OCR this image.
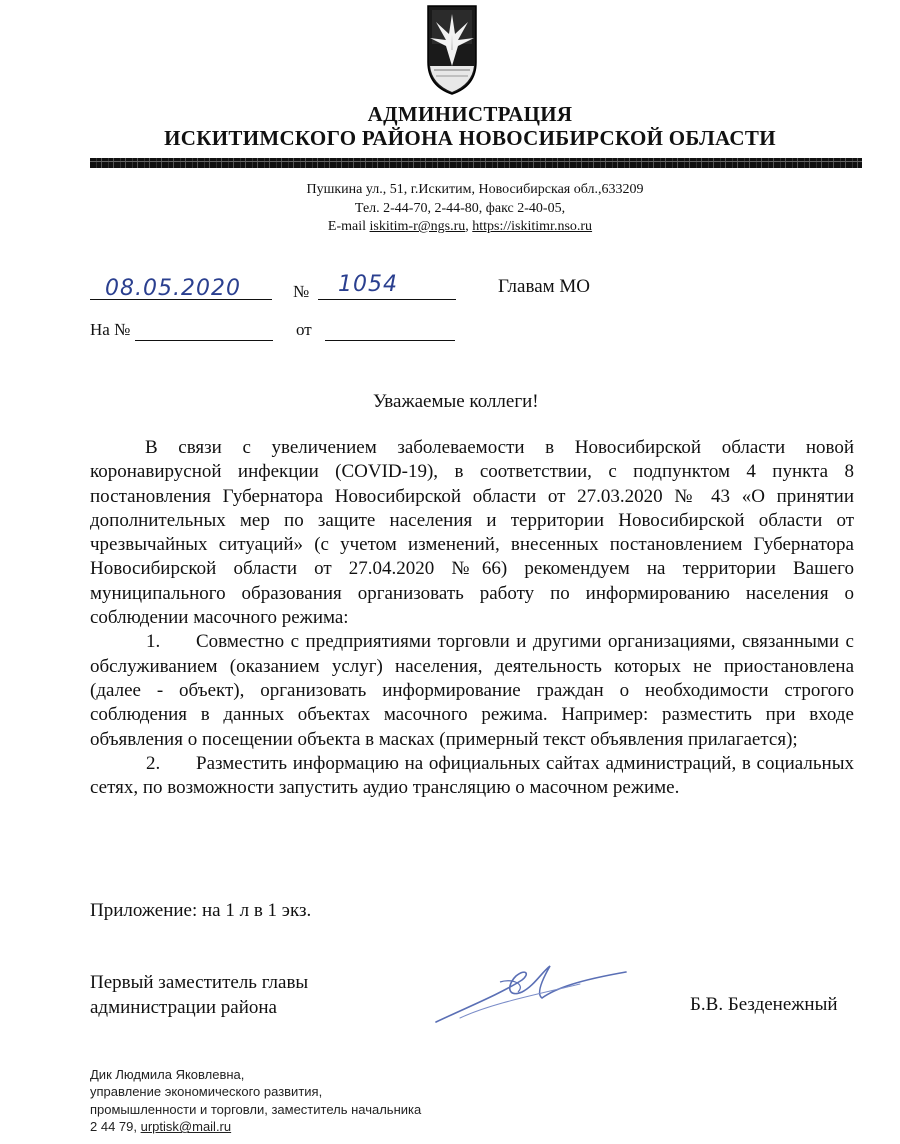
АДМИНИСТРАЦИЯ
ИСКИТИМСКОГО РАЙОНА НОВОСИБИРСКОЙ ОБЛАСТИ
Пушкина ул., 51, г.Искитим, Новосибирская обл.,633209
Тел. 2-44-70, 2-44-80, факс 2-40-05,
E-mail iskitim-r@ngs.ru, https://iskitimr.nso.ru
08.05.2020	№ 1054	Главам МО
На №	от
Уважаемые коллеги!

В связи с увеличением заболеваемости в Новосибирской области новой коронавирусной инфекции (COVID-19), в соответствии, с подпунктом 4 пункта 8 постановления Губернатора Новосибирской области от 27.03.2020 № 43 «О принятии дополнительных мер по защите населения и территории Новосибирской области от чрезвычайных ситуаций» (с учетом изменений, внесенных постановлением Губернатора Новосибирской области от 27.04.2020 №66) рекомендуем на территории Вашего муниципального образования организовать работу по информированию населения о соблюдении масочного режима:

1. Совместно с предприятиями торговли и другими организациями, связанными с обслуживанием (оказанием услуг) населения, деятельность которых не приостановлена (далее - объект), организовать информирование граждан о необходимости строгого соблюдения в данных объектах масочного режима. Например: разместить при входе объявления о посещении объекта в масках (примерный текст объявления прилагается);

2. Разместить информацию на официальных сайтах администраций, в социальных сетях, по возможности запустить аудио трансляцию о масочном режиме.

Приложение: на 1 л в 1 экз.
Первый заместитель главы
администрации района	Б.В. Безденежный
Дик Людмила Яковлевна,
управление экономического развития,
промышленности и торговли, заместитель начальника
2 44 79, urptisk@mail.ru
